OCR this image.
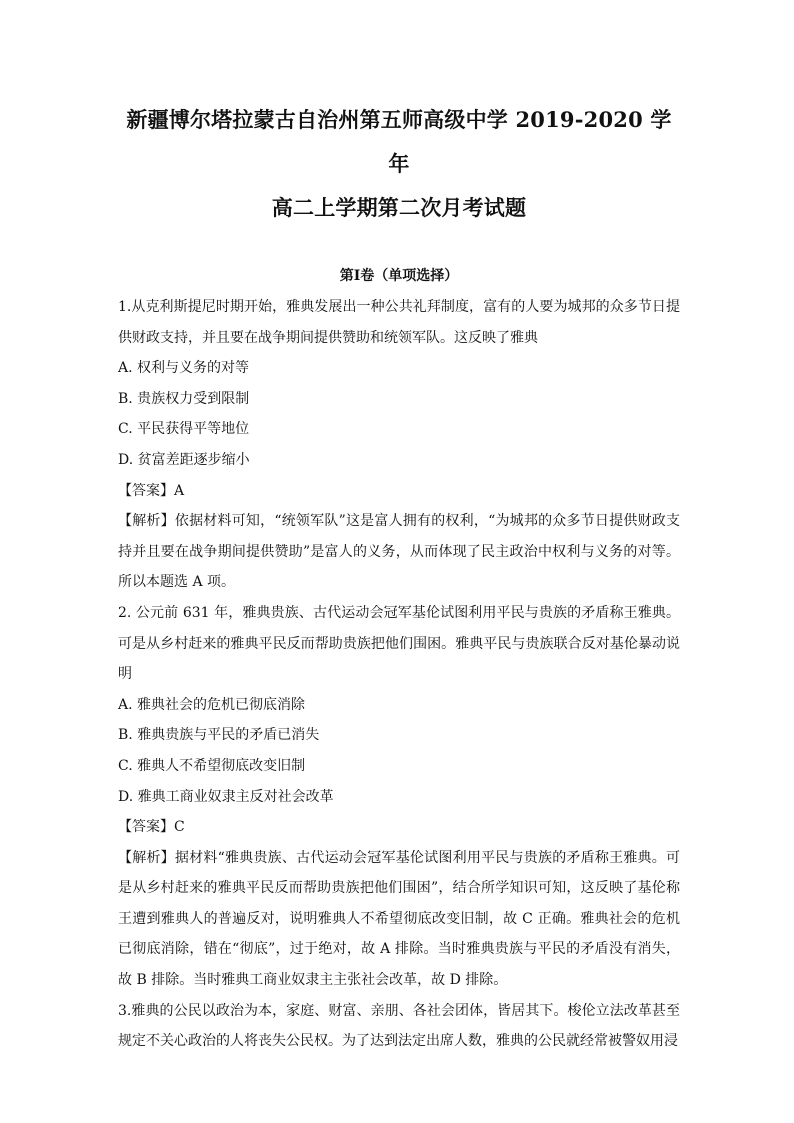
新疆博尔塔拉蒙古自治州第五师高级中学 2019-2020 学年
高二上学期第二次月考试题
第Ⅰ卷（单项选择）

1.从克利斯提尼时期开始，雅典发展出一种公共礼拜制度，富有的人要为城邦的众多节日提供财政支持，并且要在战争期间提供赞助和统领军队。这反映了雅典

A. 权利与义务的对等

B. 贵族权力受到限制

C. 平民获得平等地位

D. 贫富差距逐步缩小

【答案】A

【解析】依据材料可知，“统领军队”这是富人拥有的权利，“为城邦的众多节日提供财政支持并且要在战争期间提供赞助”是富人的义务，从而体现了民主政治中权利与义务的对等。所以本题选 A 项。

2. 公元前 631 年，雅典贵族、古代运动会冠军基伦试图利用平民与贵族的矛盾称王雅典。可是从乡村赶来的雅典平民反而帮助贵族把他们围困。雅典平民与贵族联合反对基伦暴动说明

A. 雅典社会的危机已彻底消除

B. 雅典贵族与平民的矛盾已消失

C. 雅典人不希望彻底改变旧制

D. 雅典工商业奴隶主反对社会改革

【答案】C

【解析】据材料“雅典贵族、古代运动会冠军基伦试图利用平民与贵族的矛盾称王雅典。可是从乡村赶来的雅典平民反而帮助贵族把他们围困”，结合所学知识可知，这反映了基伦称王遭到雅典人的普遍反对，说明雅典人不希望彻底改变旧制，故 C 正确。雅典社会的危机已彻底消除，错在“彻底”，过于绝对，故 A 排除。当时雅典贵族与平民的矛盾没有消失，故 B 排除。当时雅典工商业奴隶主主张社会改革，故 D 排除。

3.雅典的公民以政治为本，家庭、财富、亲朋、各社会团体，皆居其下。梭伦立法改革甚至规定不关心政治的人将丧失公民权。为了达到法定出席人数，雅典的公民就经常被警奴用浸
